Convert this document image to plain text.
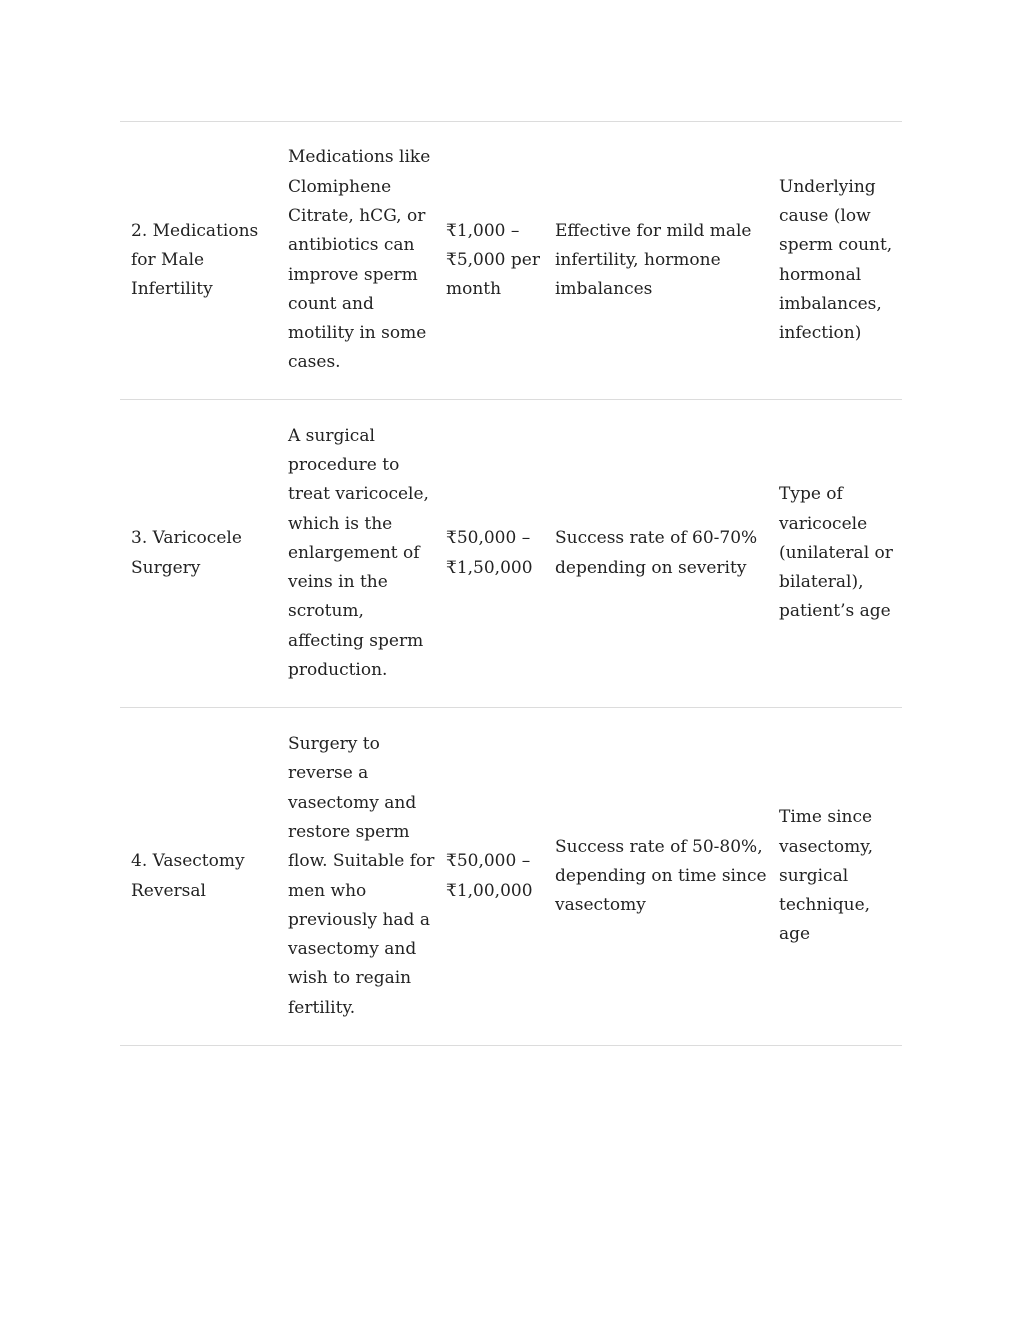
2. Medications for Male Infertility	Medications like Clomiphene Citrate, hCG, or antibiotics can improve sperm count and motility in some cases.	₹1,000 – ₹5,000 per month	Effective for mild male infertility, hormone imbalances	Underlying cause (low sperm count, hormonal imbalances, infection)
3. Varicocele Surgery	A surgical procedure to treat varicocele, which is the enlargement of veins in the scrotum, affecting sperm production.	₹50,000 – ₹1,50,000	Success rate of 60-70% depending on severity	Type of varicocele (unilateral or bilateral), patient’s age
4. Vasectomy Reversal	Surgery to reverse a vasectomy and restore sperm flow. Suitable for men who previously had a vasectomy and wish to regain fertility.	₹50,000 – ₹1,00,000	Success rate of 50-80%, depending on time since vasectomy	Time since vasectomy, surgical technique, age
